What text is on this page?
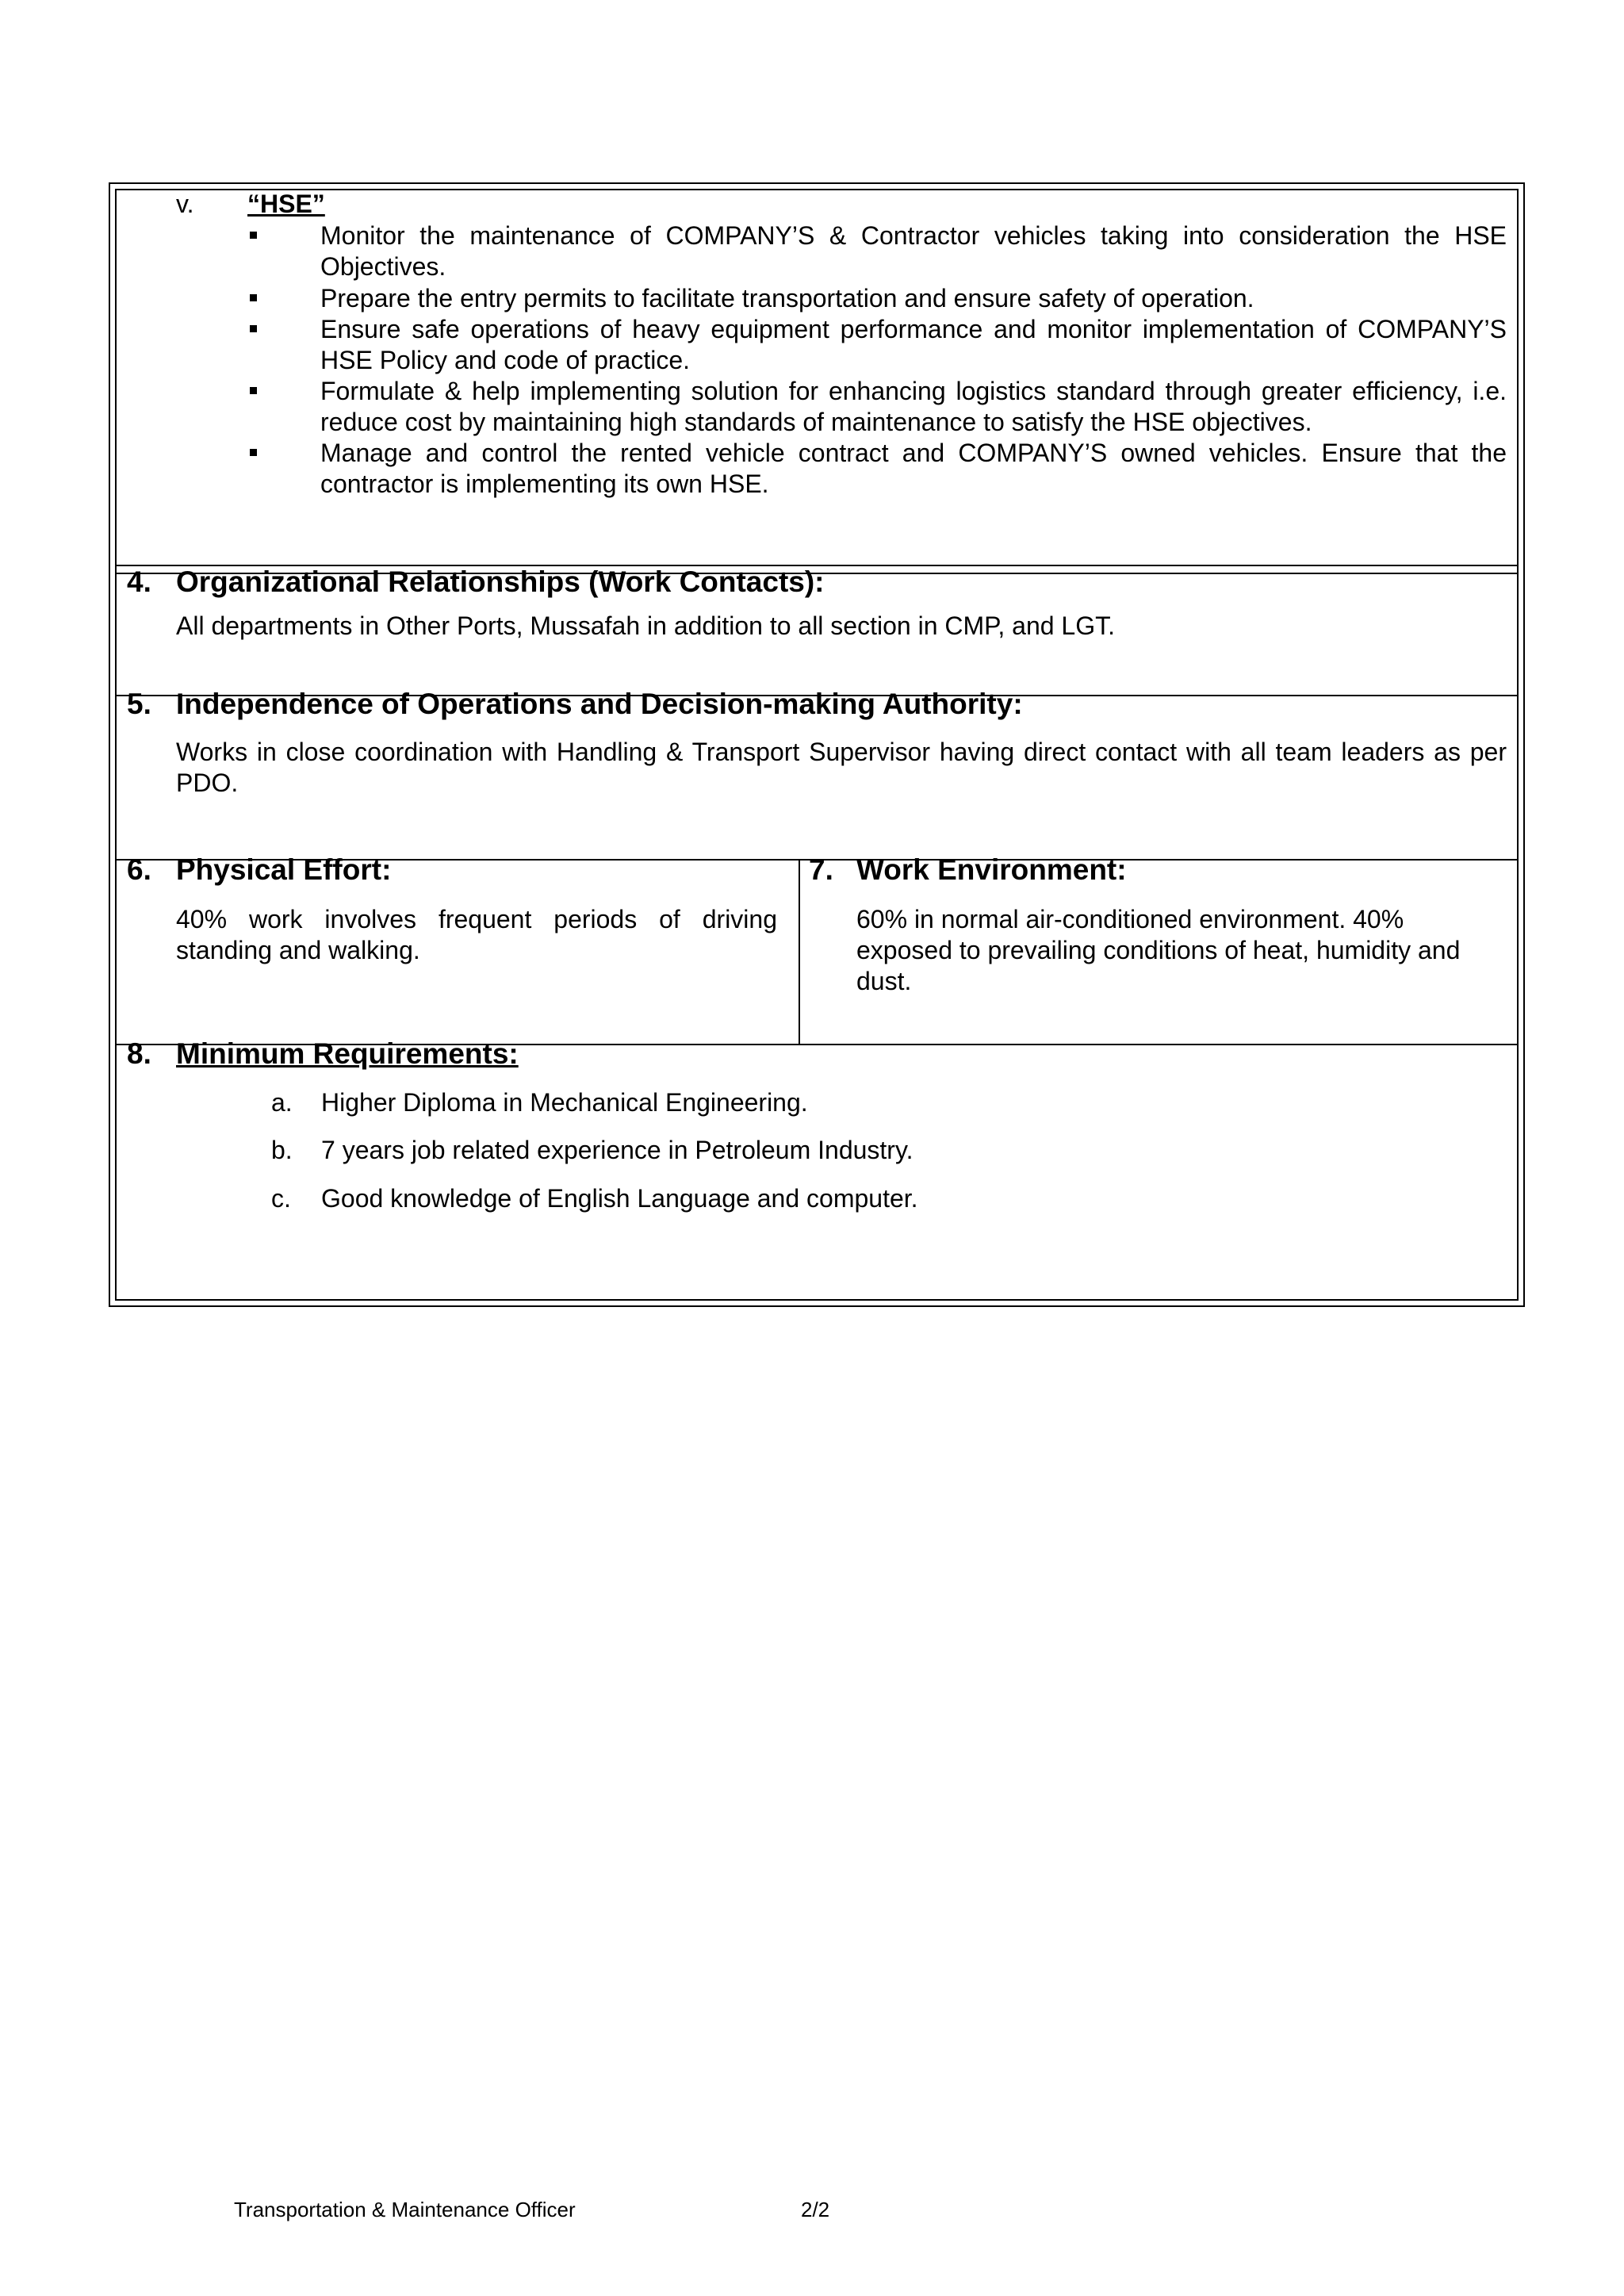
v. “HSE”
Monitor the maintenance of COMPANY’S & Contractor vehicles taking into consideration the HSE Objectives.
Prepare the entry permits to facilitate transportation and ensure safety of operation.
Ensure safe operations of heavy equipment performance and monitor implementation of COMPANY’S HSE Policy and code of practice.
Formulate & help implementing solution for enhancing logistics standard through greater efficiency, i.e. reduce cost by maintaining high standards of maintenance to satisfy the HSE objectives.
Manage and control the rented vehicle contract and COMPANY’S owned vehicles. Ensure that the contractor is implementing its own HSE.
4. Organizational Relationships (Work Contacts):
All departments in Other Ports, Mussafah in addition to all section in CMP, and LGT.
5. Independence of Operations and Decision-making Authority:
Works in close coordination with Handling & Transport Supervisor having direct contact with all team leaders as per PDO.
6. Physical Effort:
40% work involves frequent periods of driving standing and walking.
7. Work Environment:
60% in normal air-conditioned environment. 40% exposed to prevailing conditions of heat, humidity and dust.
8. Minimum Requirements:
a. Higher Diploma in Mechanical Engineering.
b. 7 years job related experience in Petroleum Industry.
c. Good knowledge of English Language and computer.
Transportation & Maintenance Officer	2/2
